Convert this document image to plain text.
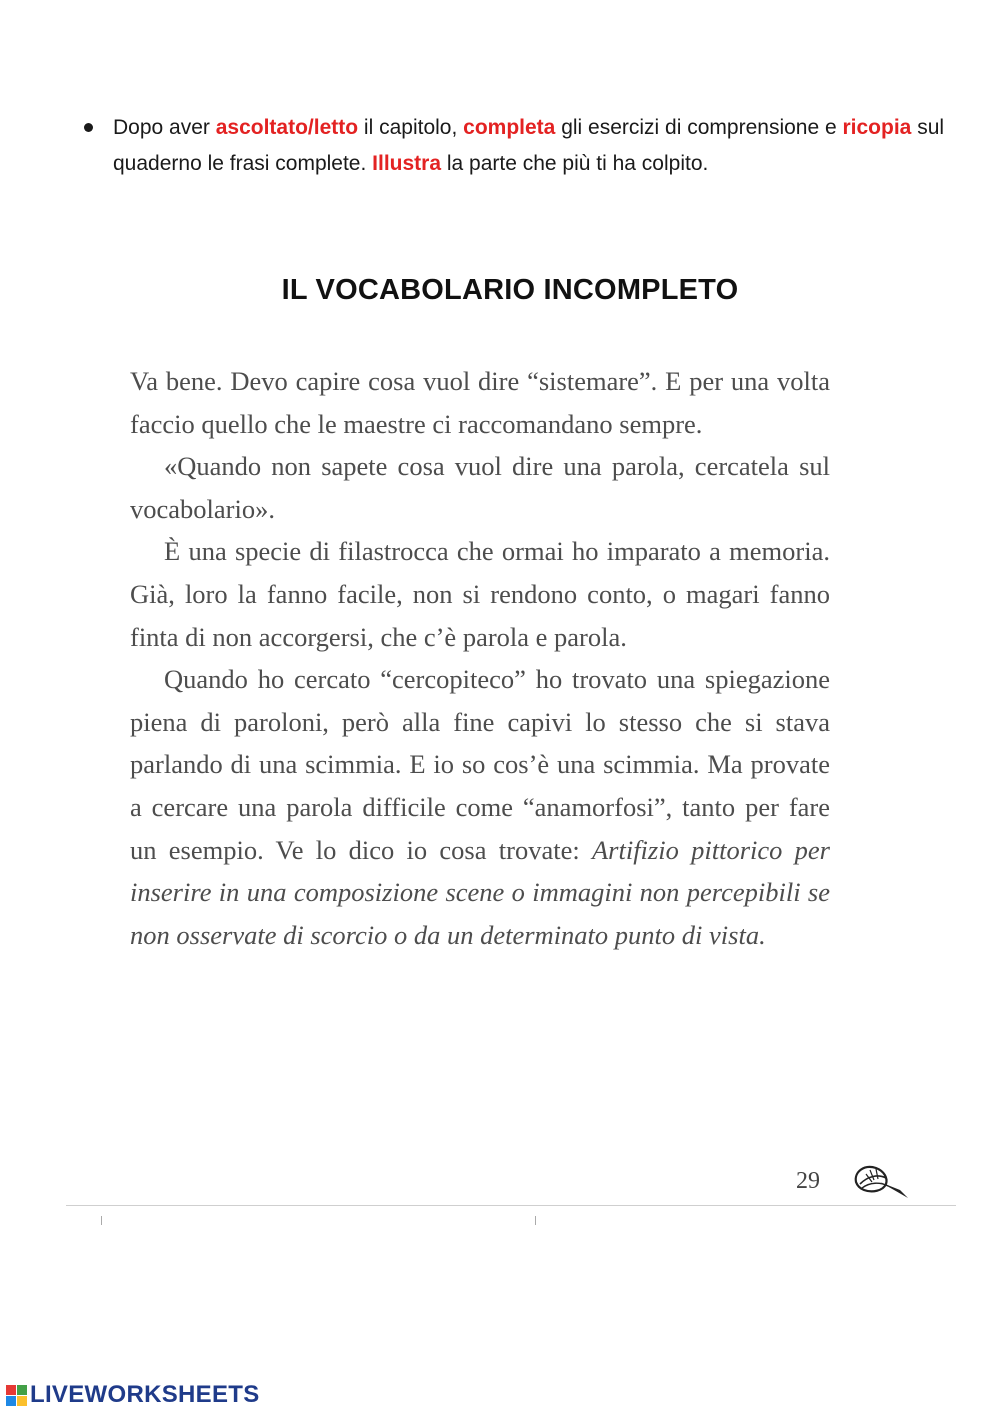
Dopo aver ascoltato/letto il capitolo, completa gli esercizi di comprensione e ricopia sul quaderno le frasi complete. Illustra la parte che più ti ha colpito.
IL VOCABOLARIO INCOMPLETO

Va bene. Devo capire cosa vuol dire “sistemare”. E per una volta faccio quello che le maestre ci raccomandano sempre.

«Quando non sapete cosa vuol dire una parola, cercatela sul vocabolario».

È una specie di filastrocca che ormai ho imparato a memoria. Già, loro la fanno facile, non si rendono conto, o magari fanno finta di non accorgersi, che c’è parola e parola.

Quando ho cercato “cercopiteco” ho trovato una spiegazione piena di paroloni, però alla fine capivi lo stesso che si stava parlando di una scimmia. E io so cos’è una scimmia. Ma provate a cercare una parola difficile come “anamorfosi”, tanto per fare un esempio. Ve lo dico io cosa trovate: Artifizio pittorico per inserire in una composizione scene o immagini non percepibili se non osservate di scorcio o da un determinato punto di vista.

29
LIVEWORKSHEETS
